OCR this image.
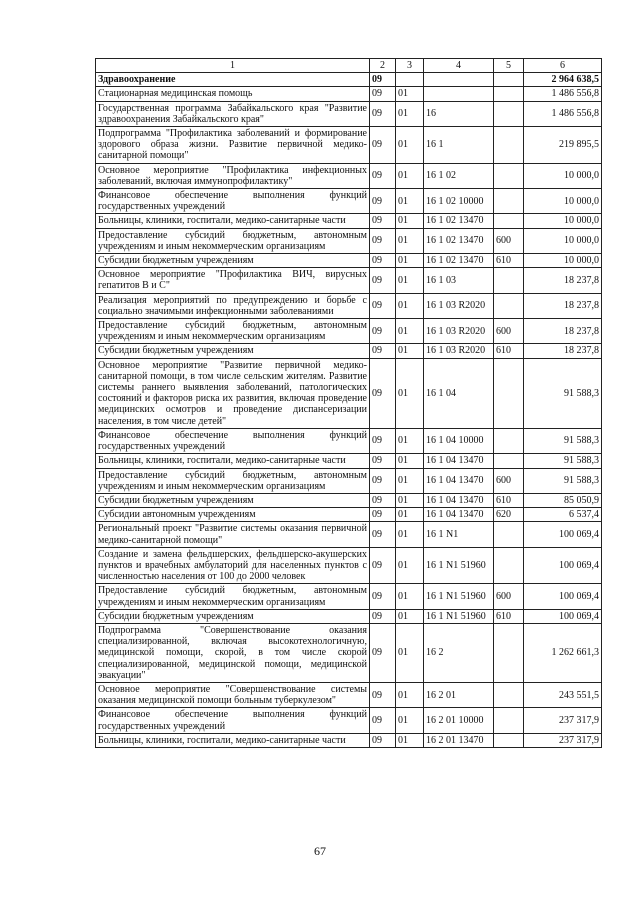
1	2	3	4	5	6
Здравоохранение	09				2 964 638,5
Стационарная медицинская помощь	09	01			1 486 556,8
Государственная программа Забайкальского края "Развитие здравоохранения Забайкальского края"	09	01	16		1 486 556,8
Подпрограмма "Профилактика заболеваний и формирование здорового образа жизни. Развитие первичной медико-санитарной помощи"	09	01	16 1		219 895,5
Основное мероприятие "Профилактика инфекционных заболеваний, включая иммунопрофилактику"	09	01	16 1 02		10 000,0
Финансовое обеспечение выполнения функций государственных учреждений	09	01	16 1 02 10000		10 000,0
Больницы, клиники, госпитали, медико-санитарные части	09	01	16 1 02 13470		10 000,0
Предоставление субсидий бюджетным, автономным учреждениям и иным некоммерческим организациям	09	01	16 1 02 13470	600	10 000,0
Субсидии бюджетным учреждениям	09	01	16 1 02 13470	610	10 000,0
Основное мероприятие "Профилактика ВИЧ, вирусных гепатитов В и С"	09	01	16 1 03		18 237,8
Реализация мероприятий по предупреждению и борьбе с социально значимыми инфекционными заболеваниями	09	01	16 1 03 R2020		18 237,8
Предоставление субсидий бюджетным, автономным учреждениям и иным некоммерческим организациям	09	01	16 1 03 R2020	600	18 237,8
Субсидии бюджетным учреждениям	09	01	16 1 03 R2020	610	18 237,8
Основное мероприятие "Развитие первичной медико-санитарной помощи, в том числе сельским жителям. Развитие системы раннего выявления заболеваний, патологических состояний и факторов риска их развития, включая проведение медицинских осмотров и проведение диспансеризации населения, в том числе детей"	09	01	16 1 04		91 588,3
Финансовое обеспечение выполнения функций государственных учреждений	09	01	16 1 04 10000		91 588,3
Больницы, клиники, госпитали, медико-санитарные части	09	01	16 1 04 13470		91 588,3
Предоставление субсидий бюджетным, автономным учреждениям и иным некоммерческим организациям	09	01	16 1 04 13470	600	91 588,3
Субсидии бюджетным учреждениям	09	01	16 1 04 13470	610	85 050,9
Субсидии автономным учреждениям	09	01	16 1 04 13470	620	6 537,4
Региональный проект "Развитие системы оказания первичной медико-санитарной помощи"	09	01	16 1 N1		100 069,4
Создание и замена фельдшерских, фельдшерско-акушерских пунктов и врачебных амбулаторий для населенных пунктов с численностью населения от 100 до 2000 человек	09	01	16 1 N1 51960		100 069,4
Предоставление субсидий бюджетным, автономным учреждениям и иным некоммерческим организациям	09	01	16 1 N1 51960	600	100 069,4
Субсидии бюджетным учреждениям	09	01	16 1 N1 51960	610	100 069,4
Подпрограмма "Совершенствование оказания специализированной, включая высокотехнологичную, медицинской помощи, скорой, в том числе скорой специализированной, медицинской помощи, медицинской эвакуации"	09	01	16 2		1 262 661,3
Основное мероприятие "Совершенствование системы оказания медицинской помощи больным туберкулезом"	09	01	16 2 01		243 551,5
Финансовое обеспечение выполнения функций государственных учреждений	09	01	16 2 01 10000		237 317,9
Больницы, клиники, госпитали, медико-санитарные части	09	01	16 2 01 13470		237 317,9
67
